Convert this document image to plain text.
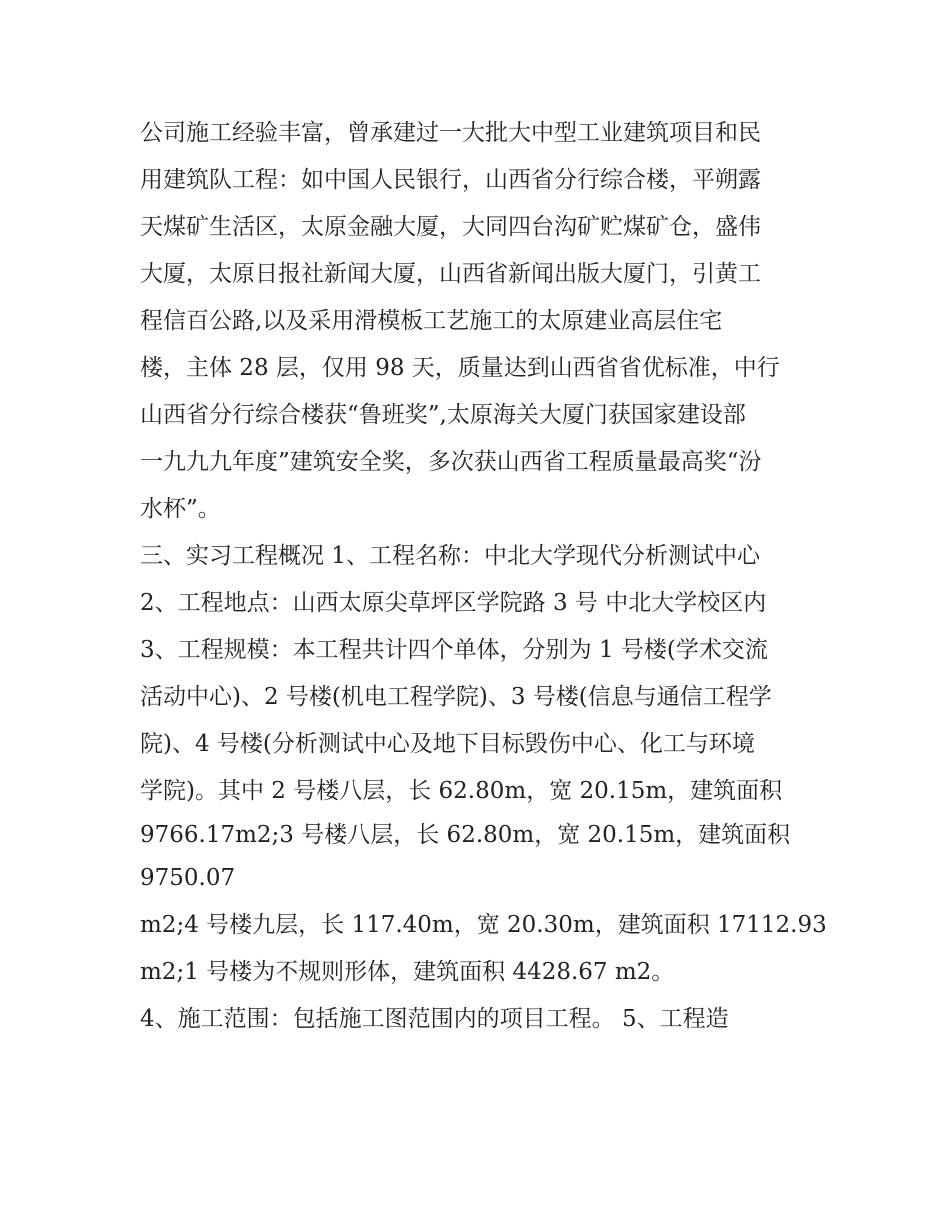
公司施工经验丰富，曾承建过一大批大中型工业建筑项目和民
用建筑队工程：如中国人民银行，山西省分行综合楼，平朔露
天煤矿生活区，太原金融大厦，大同四台沟矿贮煤矿仓，盛伟
大厦，太原日报社新闻大厦，山西省新闻出版大厦门，引黄工
程信百公路,以及采用滑模板工艺施工的太原建业高层住宅
楼，主体 28 层，仅用 98 天，质量达到山西省省优标准，中行
山西省分行综合楼获“鲁班奖”,太原海关大厦门获国家建设部
一九九九年度”建筑安全奖，多次获山西省工程质量最高奖“汾
水杯”。
三、实习工程概况 1、工程名称：中北大学现代分析测试中心
2、工程地点：山西太原尖草坪区学院路 3 号 中北大学校区内
3、工程规模：本工程共计四个单体，分别为 1 号楼(学术交流
活动中心)、2 号楼(机电工程学院)、3 号楼(信息与通信工程学
院)、4 号楼(分析测试中心及地下目标毁伤中心、化工与环境
学院)。其中 2 号楼八层，长 62.80m，宽 20.15m，建筑面积
9766.17m2;3 号楼八层，长 62.80m，宽 20.15m，建筑面积
9750.07
m2;4 号楼九层，长 117.40m，宽 20.30m，建筑面积 17112.93
m2;1 号楼为不规则形体，建筑面积 4428.67 m2。
4、施工范围：包括施工图范围内的项目工程。 5、工程造
